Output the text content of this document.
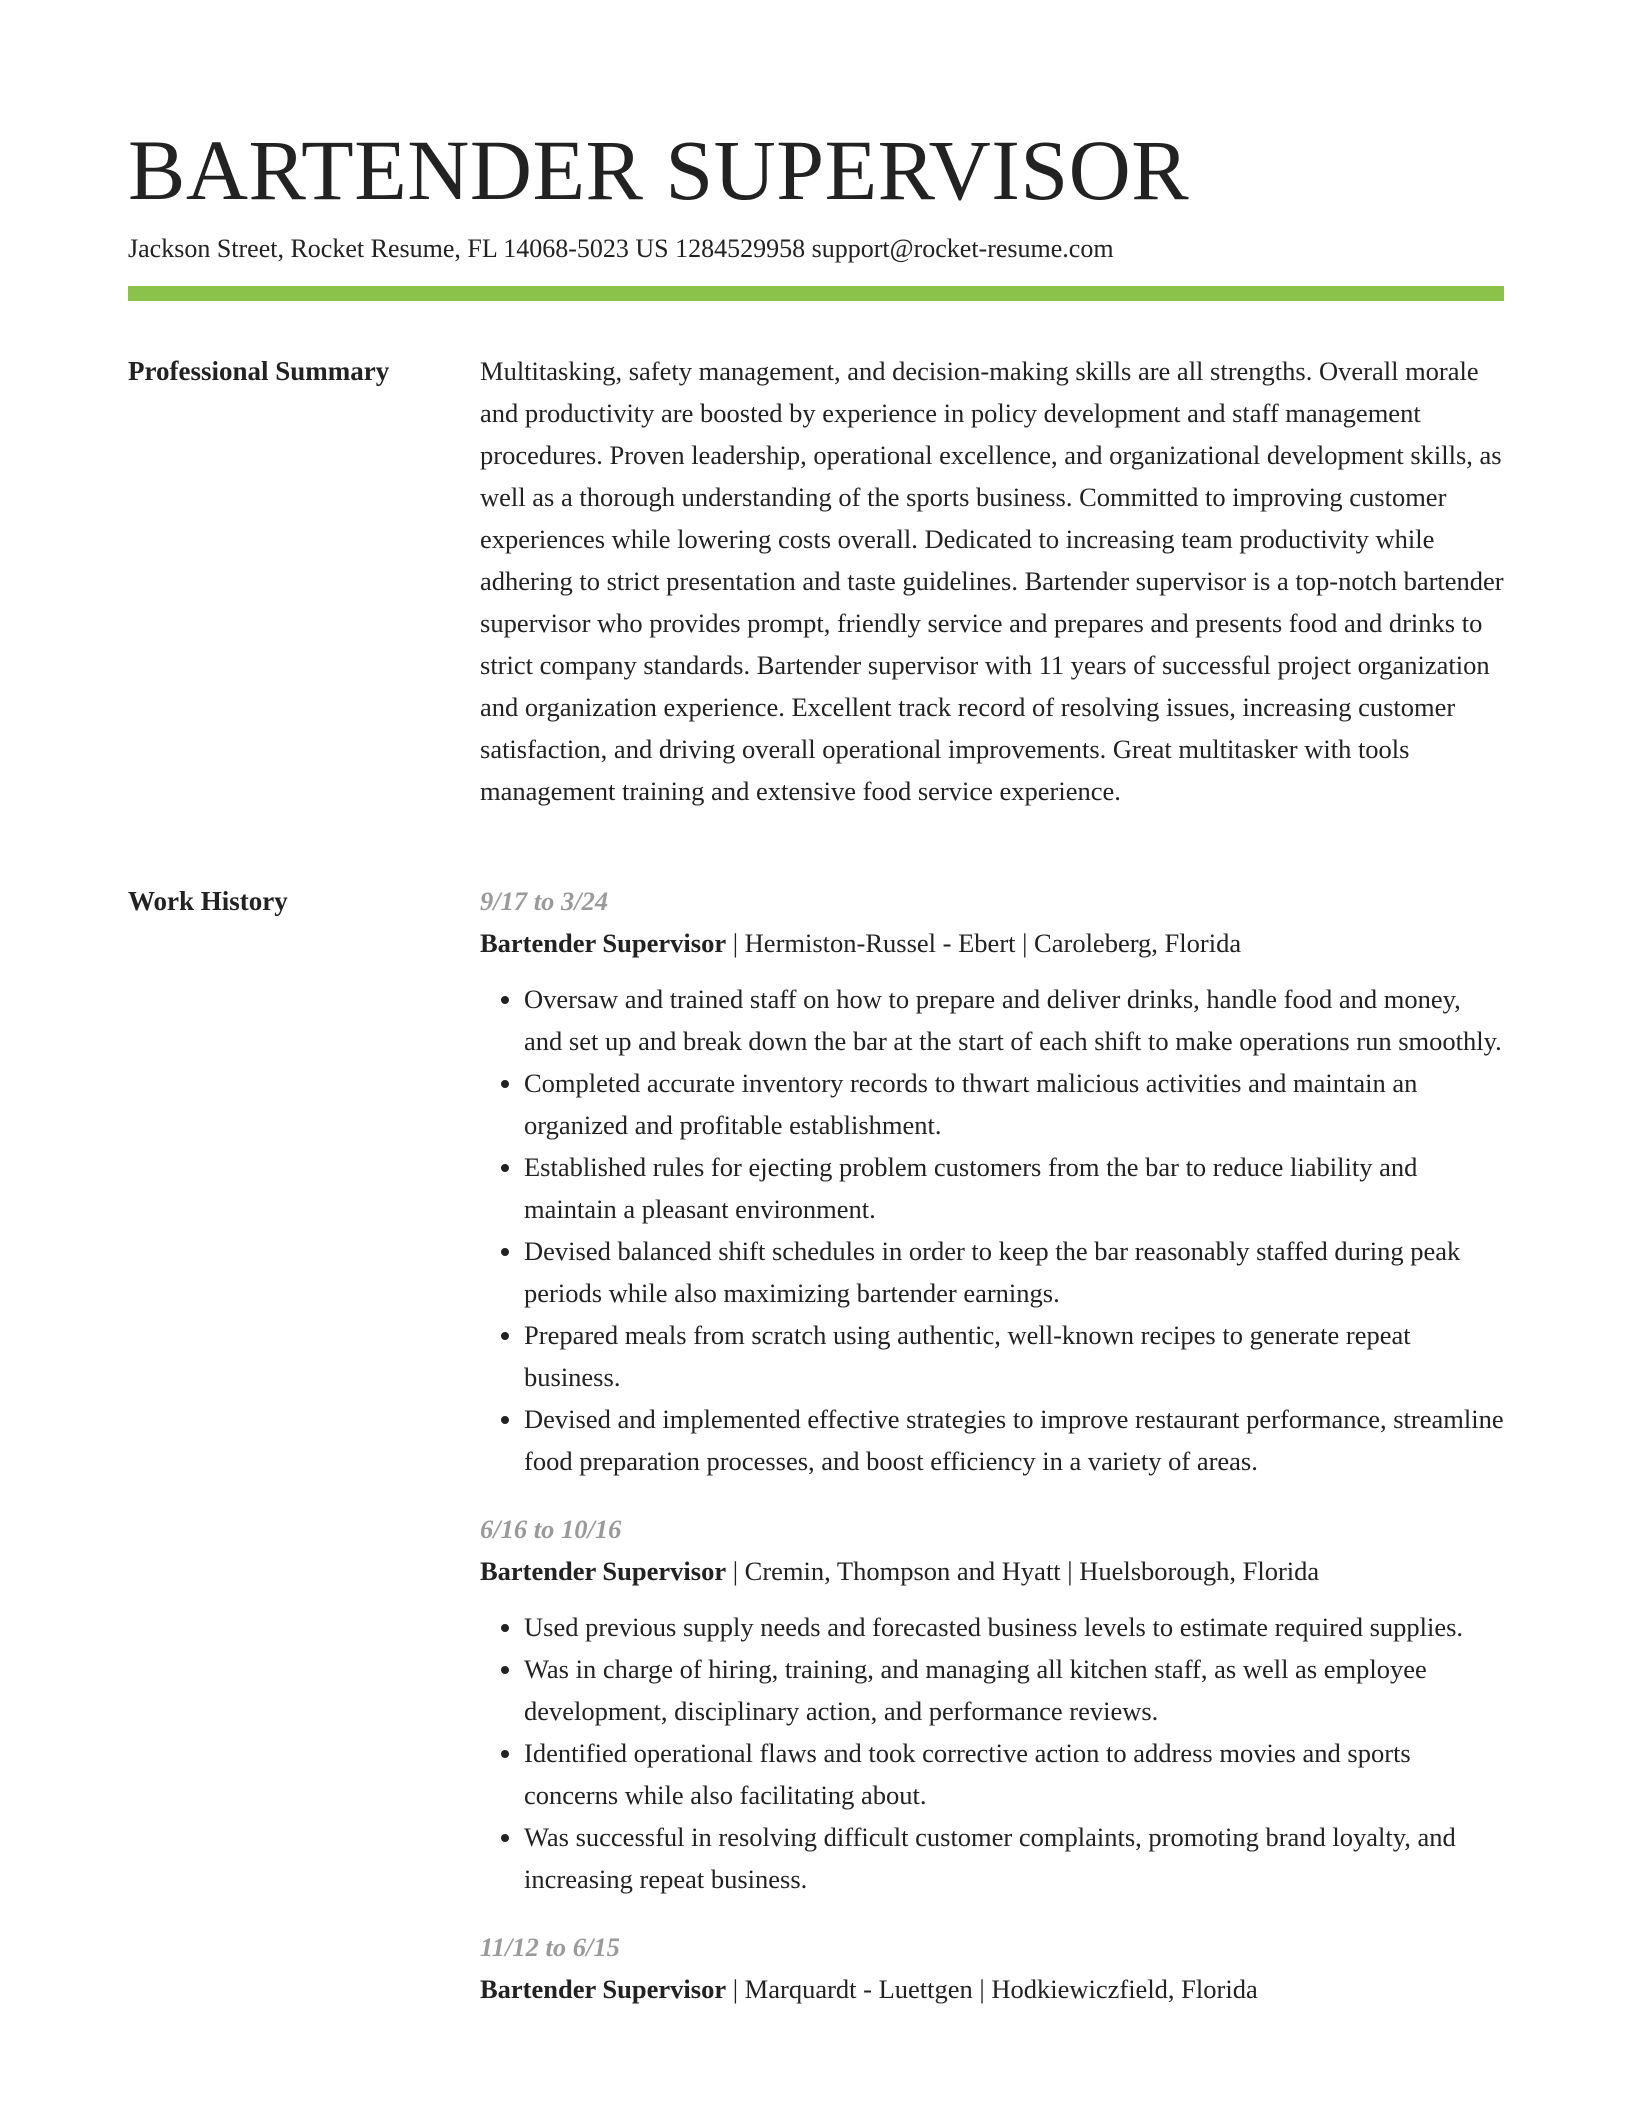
BARTENDER SUPERVISOR
Jackson Street, Rocket Resume, FL 14068-5023 US 1284529958 support@rocket-resume.com
Professional Summary	Multitasking, safety management, and decision-making skills are all strengths. Overall morale and productivity are boosted by experience in policy development and staff management procedures. Proven leadership, operational excellence, and organizational development skills, as well as a thorough understanding of the sports business. Committed to improving customer experiences while lowering costs overall. Dedicated to increasing team productivity while adhering to strict presentation and taste guidelines. Bartender supervisor is a top-notch bartender supervisor who provides prompt, friendly service and prepares and presents food and drinks to strict company standards. Bartender supervisor with 11 years of successful project organization and organization experience. Excellent track record of resolving issues, increasing customer satisfaction, and driving overall operational improvements. Great multitasker with tools management training and extensive food service experience.

Work History	9/17 to 3/24
Bartender Supervisor | Hermiston-Russel - Ebert | Caroleberg, Florida
• Oversaw and trained staff on how to prepare and deliver drinks, handle food and money, and set up and break down the bar at the start of each shift to make operations run smoothly.
• Completed accurate inventory records to thwart malicious activities and maintain an organized and profitable establishment.
• Established rules for ejecting problem customers from the bar to reduce liability and maintain a pleasant environment.
• Devised balanced shift schedules in order to keep the bar reasonably staffed during peak periods while also maximizing bartender earnings.
• Prepared meals from scratch using authentic, well-known recipes to generate repeat business.
• Devised and implemented effective strategies to improve restaurant performance, streamline food preparation processes, and boost efficiency in a variety of areas.
6/16 to 10/16
Bartender Supervisor | Cremin, Thompson and Hyatt | Huelsborough, Florida
• Used previous supply needs and forecasted business levels to estimate required supplies.
• Was in charge of hiring, training, and managing all kitchen staff, as well as employee development, disciplinary action, and performance reviews.
• Identified operational flaws and took corrective action to address movies and sports concerns while also facilitating about.
• Was successful in resolving difficult customer complaints, promoting brand loyalty, and increasing repeat business.
11/12 to 6/15
Bartender Supervisor | Marquardt - Luettgen | Hodkiewiczfield, Florida
